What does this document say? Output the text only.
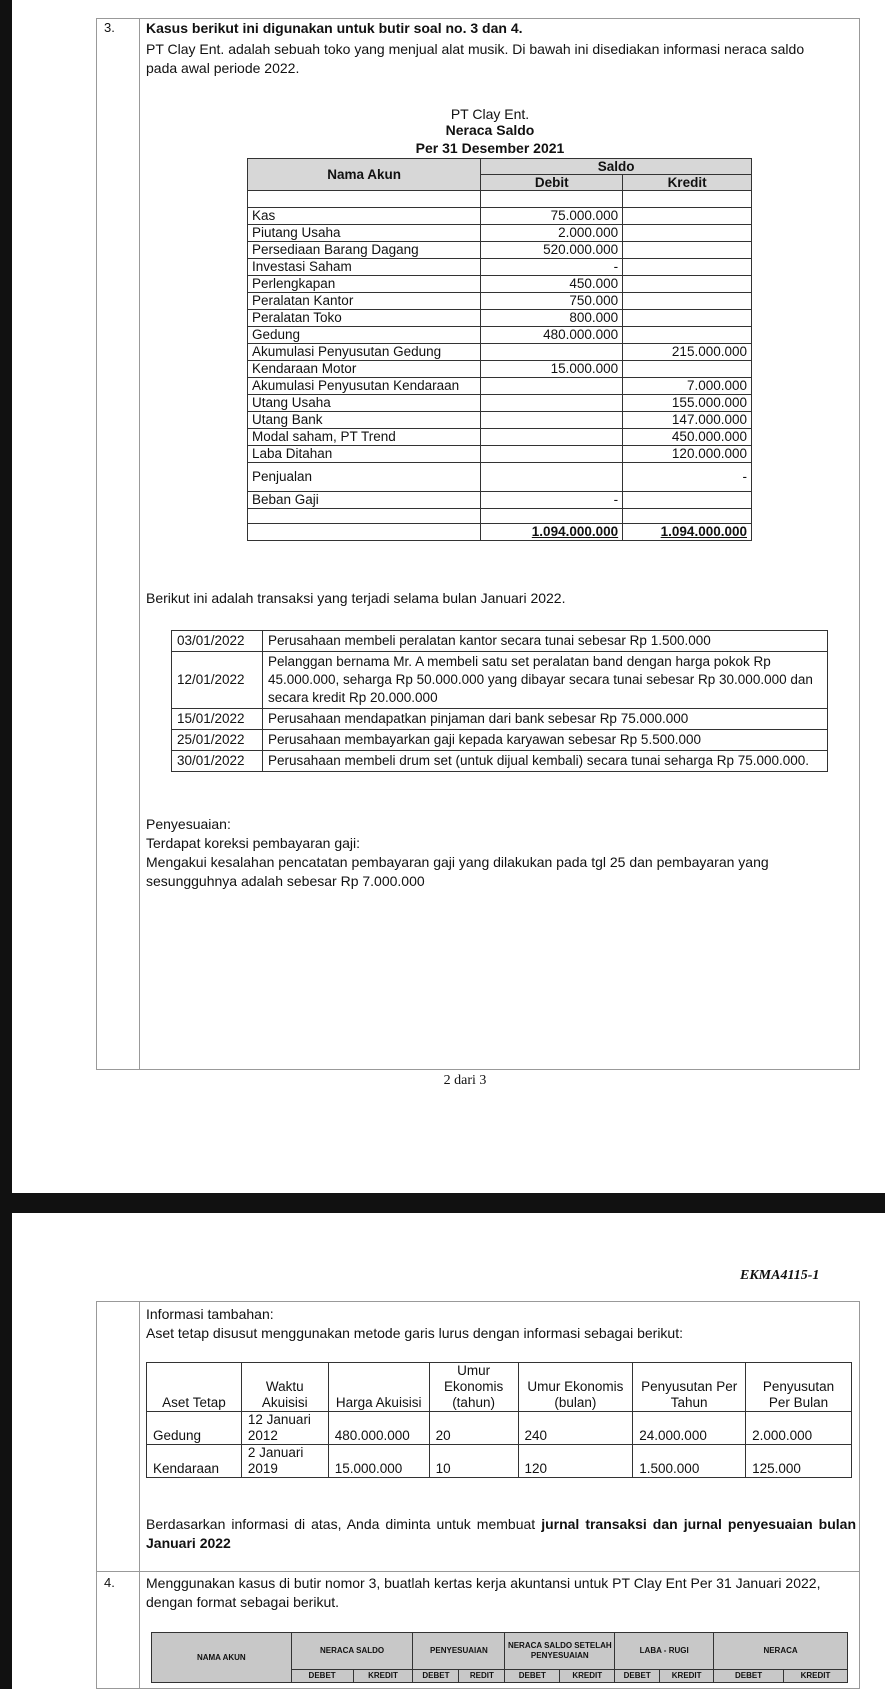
3. Kasus berikut ini digunakan untuk butir soal no. 3 dan 4.
PT Clay Ent. adalah sebuah toko yang menjual alat musik. Di bawah ini disediakan informasi neraca saldo
pada awal periode 2022.
PT Clay Ent.
Neraca Saldo
Per 31 Desember 2021
Nama Akun	Saldo	
	Debit	Kredit

Kas	75.000.000	
Piutang Usaha	2.000.000	
Persediaan Barang Dagang	520.000.000	
Investasi Saham	-	
Perlengkapan	450.000	
Peralatan Kantor	750.000	
Peralatan Toko	800.000	
Gedung	480.000.000	
Akumulasi Penyusutan Gedung		215.000.000
Kendaraan Motor	15.000.000	
Akumulasi Penyusutan Kendaraan		7.000.000
Utang Usaha		155.000.000
Utang Bank		147.000.000
Modal saham, PT Trend		450.000.000
Laba Ditahan		120.000.000
Penjualan		-
Beban Gaji	-	

	1.094.000.000	1.094.000.000
Berikut ini adalah transaksi yang terjadi selama bulan Januari 2022.
03/01/2022	Perusahaan membeli peralatan kantor secara tunai sebesar Rp 1.500.000
12/01/2022	Pelanggan bernama Mr. A membeli satu set peralatan band dengan harga pokok Rp 45.000.000, seharga Rp 50.000.000 yang dibayar secara tunai sebesar Rp 30.000.000 dan secara kredit Rp 20.000.000
15/01/2022	Perusahaan mendapatkan pinjaman dari bank sebesar Rp 75.000.000
25/01/2022	Perusahaan membayarkan gaji kepada karyawan sebesar Rp 5.500.000
30/01/2022	Perusahaan membeli drum set (untuk dijual kembali) secara tunai seharga Rp 75.000.000.
Penyesuaian:
Terdapat koreksi pembayaran gaji:
Mengakui kesalahan pencatatan pembayaran gaji yang dilakukan pada tgl 25 dan pembayaran yang
sesungguhnya adalah sebesar Rp 7.000.000
2 dari 3
EKMA4115-1
Informasi tambahan:
Aset tetap disusut menggunakan metode garis lurus dengan informasi sebagai berikut:
Aset Tetap	Waktu Akuisisi	Harga Akuisisi	Umur Ekonomis (tahun)	Umur Ekonomis (bulan)	Penyusutan Per Tahun	Penyusutan Per Bulan
Gedung	12 Januari 2012	480.000.000	20	240	24.000.000	2.000.000
Kendaraan	2 Januari 2019	15.000.000	10	120	1.500.000	125.000
Berdasarkan informasi di atas, Anda diminta untuk membuat jurnal transaksi dan jurnal penyesuaian bulan Januari 2022
4. Menggunakan kasus di butir nomor 3, buatlah kertas kerja akuntansi untuk PT Clay Ent Per 31 Januari 2022, dengan format sebagai berikut.
NAMA AKUN	NERACA SALDO		PENYESUAIAN		NERACA SALDO SETELAH PENYESUAIAN		LABA - RUGI		NERACA	
	DEBET	KREDIT	DEBET	REDIT	DEBET	KREDIT	DEBET	KREDIT	DEBET	KREDIT
